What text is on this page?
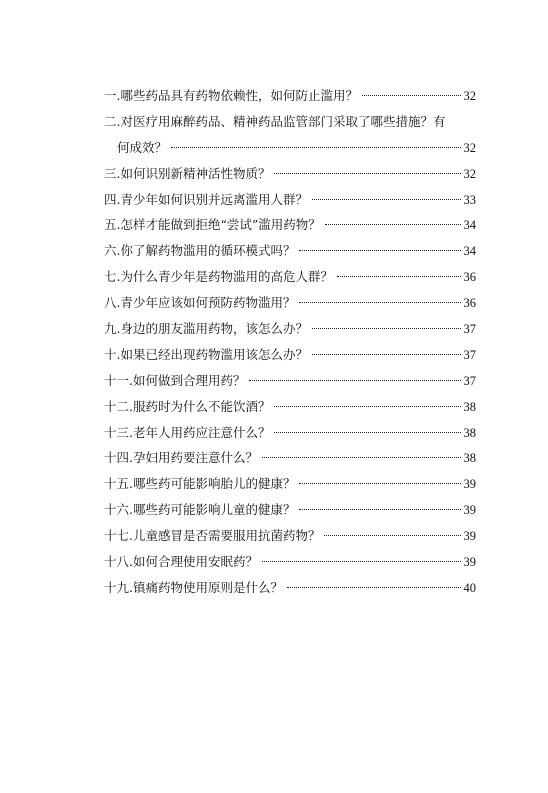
一.哪些药品具有药物依赖性，如何防止滥用？	32
二.对医疗用麻醉药品、精神药品监管部门采取了哪些措施？有
何成效？	32
三.如何识别新精神活性物质？	32
四.青少年如何识别并远离滥用人群？	33
五.怎样才能做到拒绝“尝试”滥用药物？	34
六.你了解药物滥用的循环模式吗？	34
七.为什么青少年是药物滥用的高危人群？	36
八.青少年应该如何预防药物滥用？	36
九.身边的朋友滥用药物，该怎么办？	37
十.如果已经出现药物滥用该怎么办？	37
十一.如何做到合理用药？	37
十二.服药时为什么不能饮酒？	38
十三.老年人用药应注意什么？	38
十四.孕妇用药要注意什么？	38
十五.哪些药可能影响胎儿的健康？	39
十六.哪些药可能影响儿童的健康？	39
十七.儿童感冒是否需要服用抗菌药物？	39
十八.如何合理使用安眠药？	39
十九.镇痛药物使用原则是什么？	40
